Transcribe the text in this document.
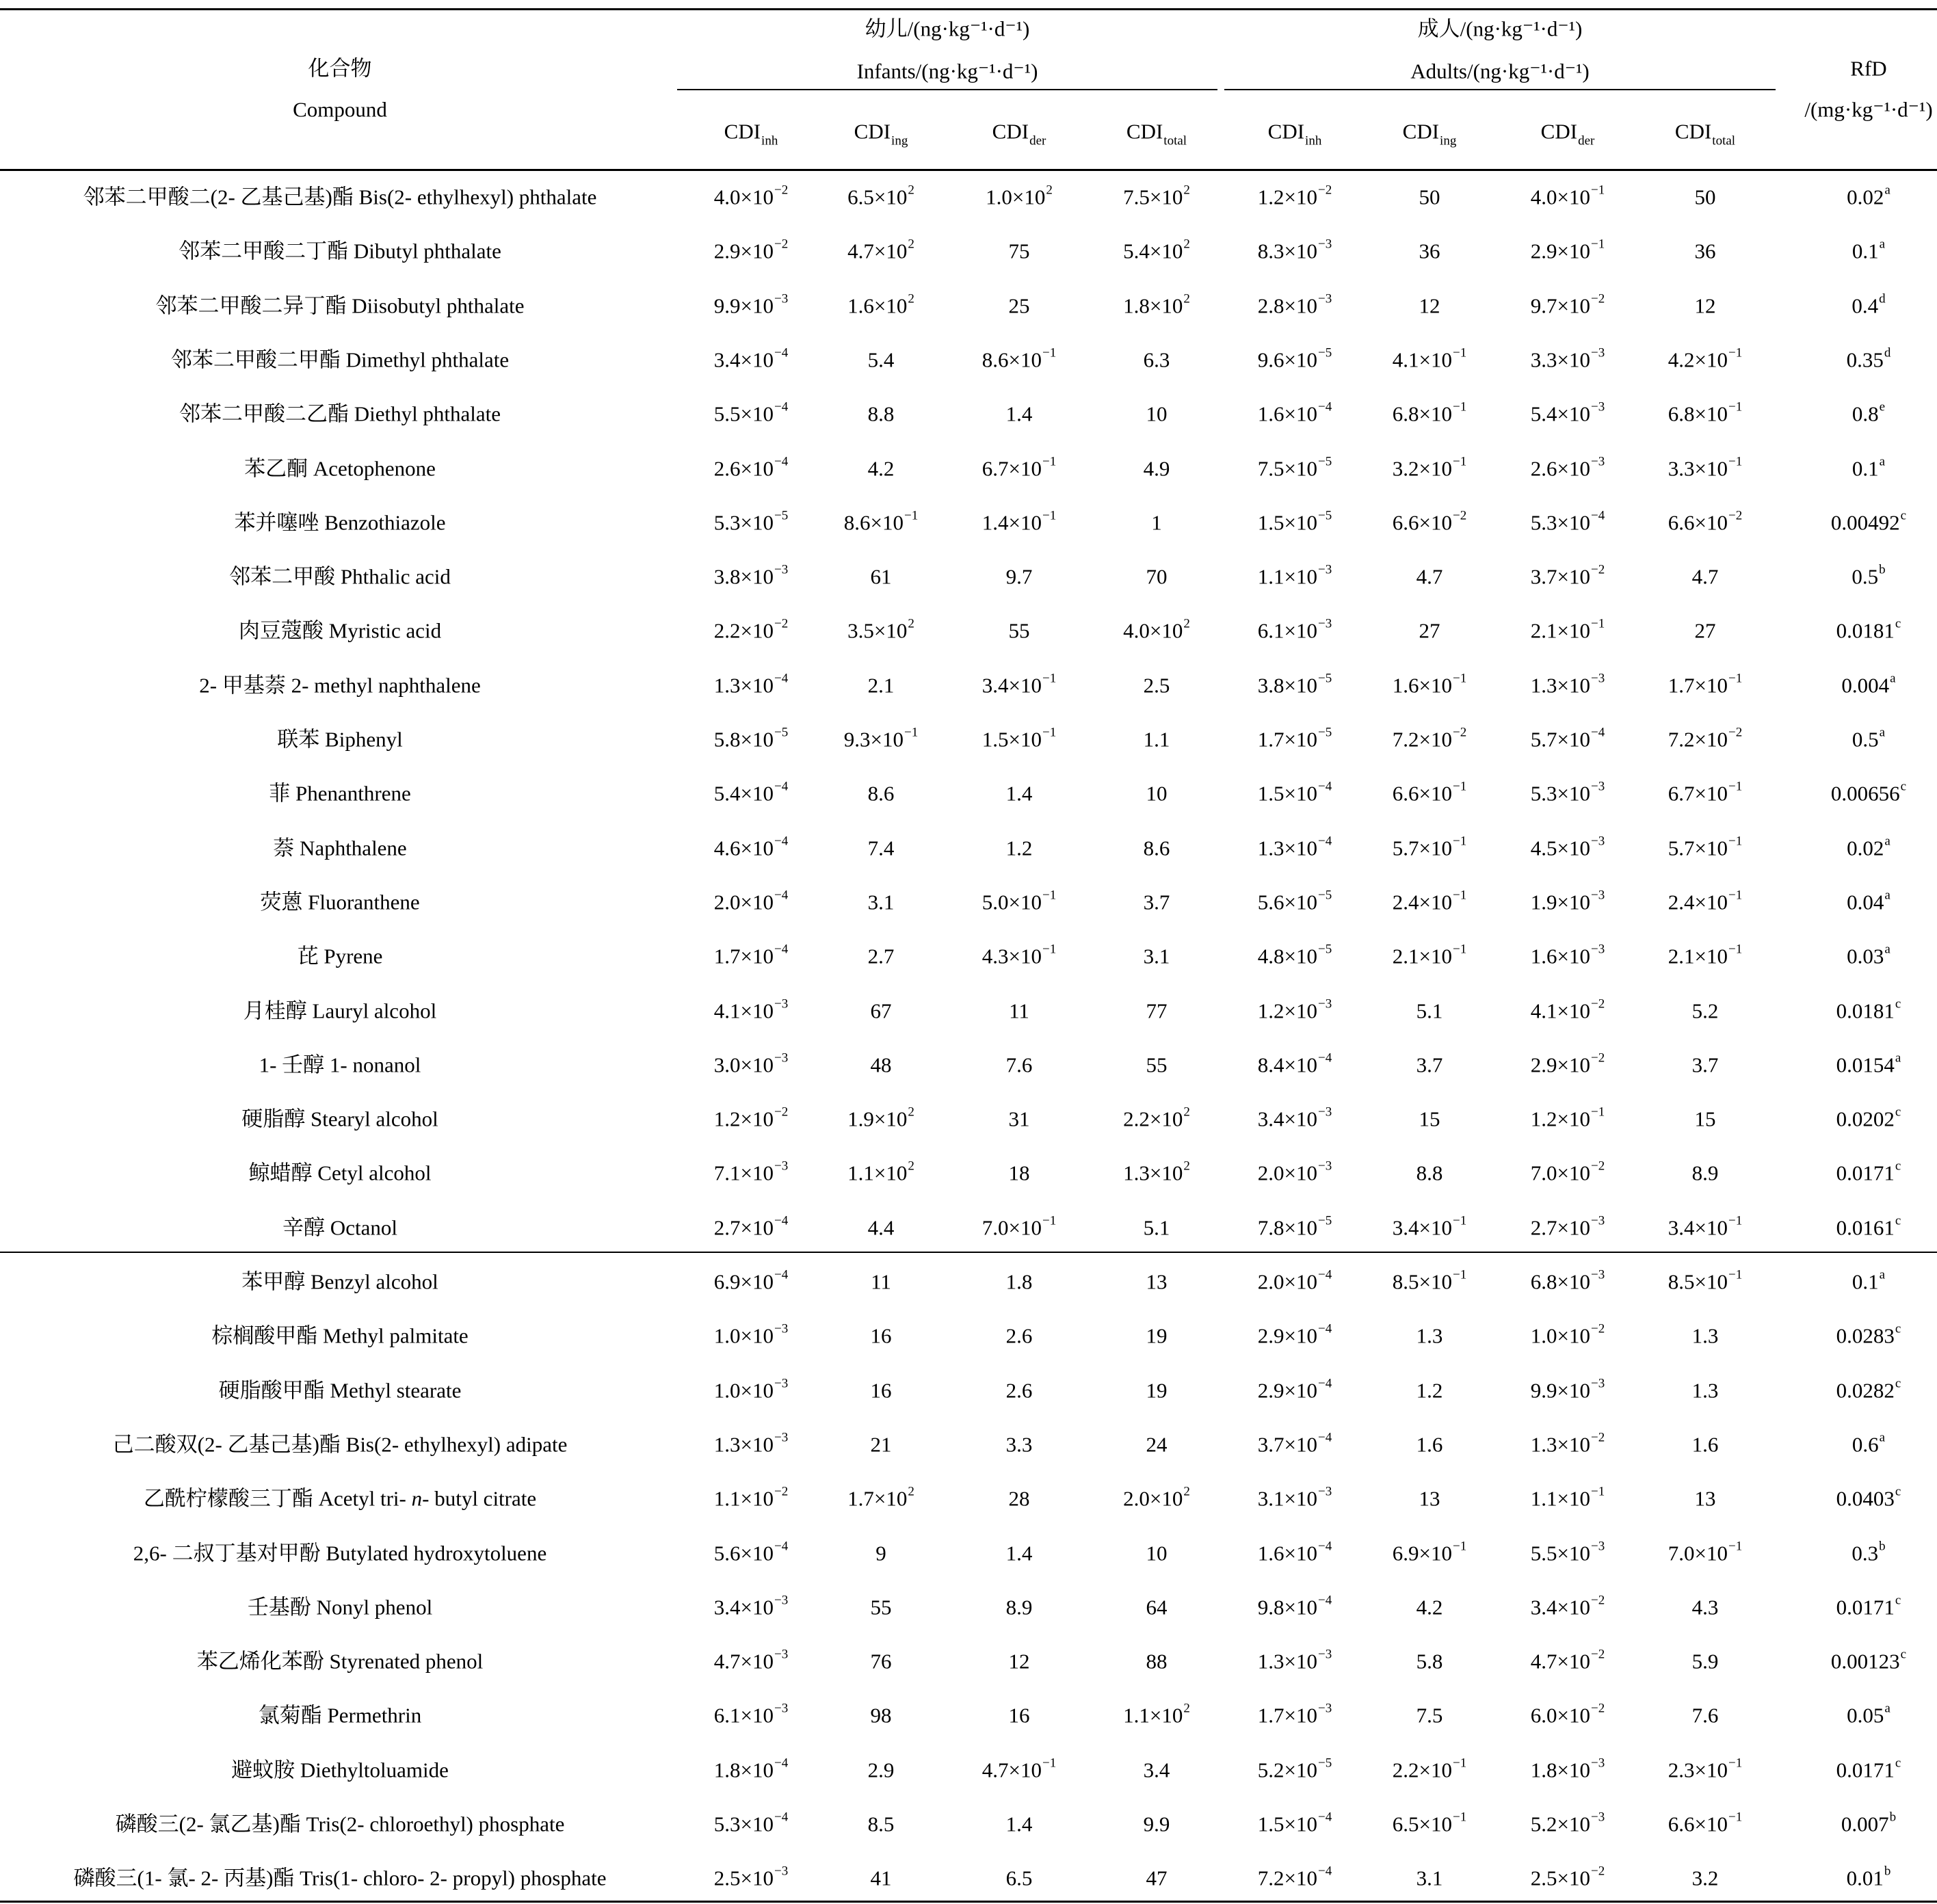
化合物
Compound
幼儿/(ng·kg⁻¹·d⁻¹)
Infants/(ng·kg⁻¹·d⁻¹)
成人/(ng·kg⁻¹·d⁻¹)
Adults/(ng·kg⁻¹·d⁻¹)	RfD
/(mg·kg⁻¹·d⁻¹)
$CDI_{inh}$	$CDI_{ing}$	$CDI_{der}$	$CDI_{total}$	$CDI_{inh}$	$CDI_{ing}$	$CDI_{der}$	$CDI_{total}$
邻苯二甲酸二(2- 乙基己基)酯 Bis(2- ethylhexyl) phthalate	$4.0\times 10^{-2}$	$6.5\times 10^2$	$1.0\times 10^2$	$7.5\times 10^2$	$1.2\times 10^{-2}$	50	$4.0\times 10^{-1}$	50	0.02$^a$
邻苯二甲酸二丁酯 Dibutyl phthalate	$2.9\times 10^{-2}$	$4.7\times 10^2$	75	$5.4\times 10^2$	$8.3\times 10^{-3}$	36	$2.9\times 10^{-1}$	36	0.1$^a$
邻苯二甲酸二异丁酯 Diisobutyl phthalate	$9.9\times 10^{-3}$	$1.6\times 10^2$	25	$1.8\times 10^2$	$2.8\times 10^{-3}$	12	$9.7\times 10^{-2}$	12	0.4$^d$
邻苯二甲酸二甲酯 Dimethyl phthalate	$3.4\times 10^{-4}$	5.4	$8.6\times 10^{-1}$	6.3	$9.6\times 10^{-5}$	$4.1\times 10^{-1}$	$3.3\times 10^{-3}$	$4.2\times 10^{-1}$	0.35$^d$
邻苯二甲酸二乙酯 Diethyl phthalate	$5.5\times 10^{-4}$	8.8	1.4	10	$1.6\times 10^{-4}$	$6.8\times 10^{-1}$	$5.4\times 10^{-3}$	$6.8\times 10^{-1}$	0.8e
苯乙酮 Acetophenone	$2.6\times 10^{-4}$	4.2	$6.7\times 10^{-1}$	4.9	$7.5\times 10^{-5}$	$3.2\times 10^{-1}$	$2.6\times 10^{-3}$	$3.3\times 10^{-1}$	0.1$^a$
苯并噻唑 Benzothiazole	$5.3\times 10^{-5}$	$8.6\times 10^{-1}$	$1.4\times 10^{-1}$	1	$1.5\times 10^{-5}$	$6.6\times 10^{-2}$	$5.3\times 10^{-4}$	$6.6\times 10^{-2}$	0.00492$^c$
邻苯二甲酸 Phthalic acid	$3.8\times 10^{-3}$	61	9.7	70	$1.1\times 10^{-3}$	4.7	$3.7\times 10^{-2}$	4.7	0.5$^b$
肉豆蔻酸 Myristic acid	$2.2\times 10^{-2}$	$3.5\times 10^2$	55	$4.0\times 10^2$	$6.1\times 10^{-3}$	27	$2.1\times 10^{-1}$	27	0.0181$^c$
2- 甲基萘 2- methyl naphthalene	$1.3\times 10^{-4}$	2.1	$3.4\times 10^{-1}$	2.5	$3.8\times 10^{-5}$	$1.6\times 10^{-1}$	$1.3\times 10^{-3}$	$1.7\times 10^{-1}$	0.004$^a$
联苯 Biphenyl	$5.8\times 10^{-5}$	$9.3\times 10^{-1}$	$1.5\times 10^{-1}$	1.1	$1.7\times 10^{-5}$	$7.2\times 10^{-2}$	$5.7\times 10^{-4}$	$7.2\times 10^{-2}$	0.5$^a$
菲 Phenanthrene	$5.4\times 10^{-4}$	8.6	1.4	10	$1.5\times 10^{-4}$	$6.6\times 10^{-1}$	$5.3\times 10^{-3}$	$6.7\times 10^{-1}$	0.00656$^c$
萘 Naphthalene	$4.6\times 10^{-4}$	7.4	1.2	8.6	$1.3\times 10^{-4}$	$5.7\times 10^{-1}$	$4.5\times 10^{-3}$	$5.7\times 10^{-1}$	0.02$^a$
荧蒽 Fluoranthene	$2.0\times 10^{-4}$	3.1	$5.0\times 10^{-1}$	3.7	$5.6\times 10^{-5}$	$2.4\times 10^{-1}$	$1.9\times 10^{-3}$	$2.4\times 10^{-1}$	0.04$^a$
芘 Pyrene	$1.7\times 10^{-4}$	2.7	$4.3\times 10^{-1}$	3.1	$4.8\times 10^{-5}$	$2.1\times 10^{-1}$	$1.6\times 10^{-3}$	$2.1\times 10^{-1}$	0.03$^a$
月桂醇 Lauryl alcohol	$4.1\times 10^{-3}$	67	11	77	$1.2\times 10^{-3}$	5.1	$4.1\times 10^{-2}$	5.2	0.0181$^c$
1- 壬醇 1- nonanol	$3.0\times 10^{-3}$	48	7.6	55	$8.4\times 10^{-4}$	3.7	$2.9\times 10^{-2}$	3.7	0.0154$^a$
硬脂醇 Stearyl alcohol	$1.2\times 10^{-2}$	$1.9\times 10^2$	31	$2.2\times 10^2$	$3.4\times 10^{-3}$	15	$1.2\times 10^{-1}$	15	0.0202$^c$
鲸蜡醇 Cetyl alcohol	$7.1\times 10^{-3}$	$1.1\times 10^2$	18	$1.3\times 10^2$	$2.0\times 10^{-3}$	8.8	$7.0\times 10^{-2}$	8.9	0.0171$^c$
辛醇 Octanol	$2.7\times 10^{-4}$	4.4	$7.0\times 10^{-1}$	5.1	$7.8\times 10^{-5}$	$3.4\times 10^{-1}$	$2.7\times 10^{-3}$	$3.4\times 10^{-1}$	0.0161$^c$
苯甲醇 Benzyl alcohol	$6.9\times 10^{-4}$	11	1.8	13	$2.0\times 10^{-4}$	$8.5\times 10^{-1}$	$6.8\times 10^{-3}$	$8.5\times 10^{-1}$	0.1$^a$
棕榈酸甲酯 Methyl palmitate	$1.0\times 10^{-3}$	16	2.6	19	$2.9\times 10^{-4}$	1.3	$1.0\times 10^{-2}$	1.3	0.0283$^c$
硬脂酸甲酯 Methyl stearate	$1.0\times 10^{-3}$	16	2.6	19	$2.9\times 10^{-4}$	1.2	$9.9\times 10^{-3}$	1.3	0.0282$^c$
己二酸双(2- 乙基己基)酯 Bis(2- ethylhexyl) adipate	$1.3\times 10^{-3}$	21	3.3	24	$3.7\times 10^{-4}$	1.6	$1.3\times 10^{-2}$	1.6	0.6$^a$
乙酰柠檬酸三丁酯 Acetyl tri- n- butyl citrate	$1.1\times 10^{-2}$	$1.7\times 10^2$	28	$2.0\times 10^2$	$3.1\times 10^{-3}$	13	$1.1\times 10^{-1}$	13	0.0403$^c$
2,6- 二叔丁基对甲酚 Butylated hydroxytoluene	$5.6\times 10^{-4}$	9	1.4	10	$1.6\times 10^{-4}$	$6.9\times 10^{-1}$	$5.5\times 10^{-3}$	$7.0\times 10^{-1}$	0.3$^b$
壬基酚 Nonyl phenol	$3.4\times 10^{-3}$	55	8.9	64	$9.8\times 10^{-4}$	4.2	$3.4\times 10^{-2}$	4.3	0.0171$^c$
苯乙烯化苯酚 Styrenated phenol	$4.7\times 10^{-3}$	76	12	88	$1.3\times 10^{-3}$	5.8	$4.7\times 10^{-2}$	5.9	0.00123$^c$
氯菊酯 Permethrin	$6.1\times 10^{-3}$	98	16	$1.1\times 10^2$	$1.7\times 10^{-3}$	7.5	$6.0\times 10^{-2}$	7.6	0.05$^a$
避蚊胺 Diethyltoluamide	$1.8\times 10^{-4}$	2.9	$4.7\times 10^{-1}$	3.4	$5.2\times 10^{-5}$	$2.2\times 10^{-1}$	$1.8\times 10^{-3}$	$2.3\times 10^{-1}$	0.0171$^c$
磷酸三(2- 氯乙基)酯 Tris(2- chloroethyl) phosphate	$5.3\times 10^{-4}$	8.5	1.4	9.9	$1.5\times 10^{-4}$	$6.5\times 10^{-1}$	$5.2\times 10^{-3}$	$6.6\times 10^{-1}$	0.007$^b$
磷酸三(1- 氯- 2- 丙基)酯 Tris(1- chloro- 2- propyl) phosphate	$2.5\times 10^{-3}$	41	6.5	47	$7.2\times 10^{-4}$	3.1	$2.5\times 10^{-2}$	3.2	0.01$^b$
